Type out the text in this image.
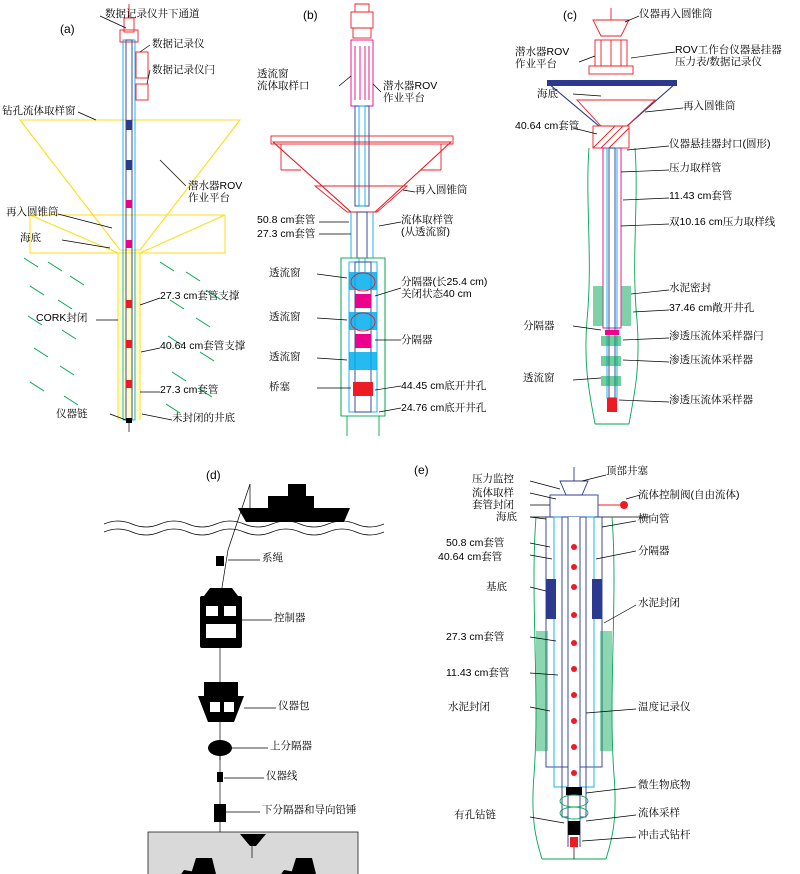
(a)
数据记录仪井下通道
数据记录仪
数据记录仪闩
钻孔流体取样窗
潜水器ROV
作业平台
再入圆锥筒
海底
27.3 cm套管支撑
CORK封闭
40.64 cm套管支撑
27.3 cm套管
仪器链	未封闭的井底
(b)
透流窗
流体取样口	潜水器ROV
作业平台
再入圆锥筒
50.8 cm套管
27.3 cm套管
流体取样管
(从透流窗)
透流窗
透流窗
透流窗
桥塞
分隔器(长25.4 cm)
关闭状态40 cm
分隔器
44.45 cm底开井孔
24.76 cm底开井孔
(c)	仪器再入圆锥筒
潜水器ROV
作业平台
ROV工作台仪器悬挂器
压力表/数据记录仪
海底
再入圆锥筒
40.64 cm套管
仪器悬挂器封口(圆形)
压力取样管
11.43 cm套管
双10.16 cm压力取样线
水泥密封
37.46 cm敞开井孔
分隔器
渗透压流体采样器闩
渗透压流体采样器
透流窗
渗透压流体采样器
(d)
系绳
控制器
仪器包
上分隔器
仪器线
下分隔器和导向铅锤
(e)	顶部井塞
压力监控
流体取样
套管封闭
流体控制阀(自由流体)
海底	横向管
50.8 cm套管
40.64 cm套管	分隔器
基底
水泥封闭
27.3 cm套管
11.43 cm套管
水泥封闭	温度记录仪
微生物底物
有孔钻链	流体采样
冲击式钻杆
